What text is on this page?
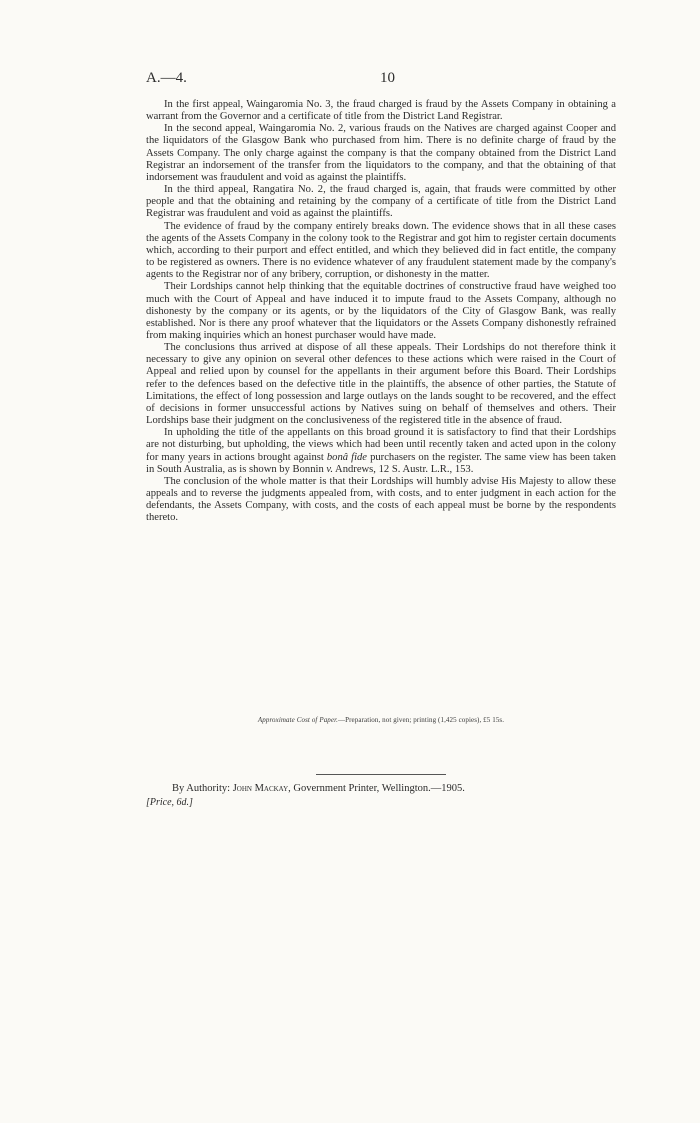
A.—4.	10

In the first appeal, Waingaromia No. 3, the fraud charged is fraud by the Assets Company in obtaining a warrant from the Governor and a certificate of title from the District Land Registrar.

In the second appeal, Waingaromia No. 2, various frauds on the Natives are charged against Cooper and the liquidators of the Glasgow Bank who purchased from him. There is no definite charge of fraud by the Assets Company. The only charge against the company is that the company obtained from the District Land Registrar an indorsement of the transfer from the liquidators to the company, and that the obtaining of that indorsement was fraudulent and void as against the plaintiffs.

In the third appeal, Rangatira No. 2, the fraud charged is, again, that frauds were committed by other people and that the obtaining and retaining by the company of a certificate of title from the District Land Registrar was fraudulent and void as against the plaintiffs.

The evidence of fraud by the company entirely breaks down. The evidence shows that in all these cases the agents of the Assets Company in the colony took to the Registrar and got him to register certain documents which, according to their purport and effect entitled, and which they believed did in fact entitle, the company to be registered as owners. There is no evidence whatever of any fraudulent statement made by the company's agents to the Registrar nor of any bribery, corruption, or dishonesty in the matter.

Their Lordships cannot help thinking that the equitable doctrines of constructive fraud have weighed too much with the Court of Appeal and have induced it to impute fraud to the Assets Company, although no dishonesty by the company or its agents, or by the liquidators of the City of Glasgow Bank, was really established. Nor is there any proof whatever that the liquidators or the Assets Company dishonestly refrained from making inquiries which an honest purchaser would have made.

The conclusions thus arrived at dispose of all these appeals. Their Lordships do not therefore think it necessary to give any opinion on several other defences to these actions which were raised in the Court of Appeal and relied upon by counsel for the appellants in their argument before this Board. Their Lordships refer to the defences based on the defective title in the plaintiffs, the absence of other parties, the Statute of Limitations, the effect of long possession and large outlays on the lands sought to be recovered, and the effect of decisions in former unsuccessful actions by Natives suing on behalf of themselves and others. Their Lordships base their judgment on the conclusiveness of the registered title in the absence of fraud.

In upholding the title of the appellants on this broad ground it is satisfactory to find that their Lordships are not disturbing, but upholding, the views which had been until recently taken and acted upon in the colony for many years in actions brought against bonâ fide purchasers on the register. The same view has been taken in South Australia, as is shown by Bonnin v. Andrews, 12 S. Austr. L.R., 153.

The conclusion of the whole matter is that their Lordships will humbly advise His Majesty to allow these appeals and to reverse the judgments appealed from, with costs, and to enter judgment in each action for the defendants, the Assets Company, with costs, and the costs of each appeal must be borne by the respondents thereto.

Approximate Cost of Paper.—Preparation, not given; printing (1,425 copies), £5 15s.
By Authority: John Mackay, Government Printer, Wellington.—1905.
[Price, 6d.]
